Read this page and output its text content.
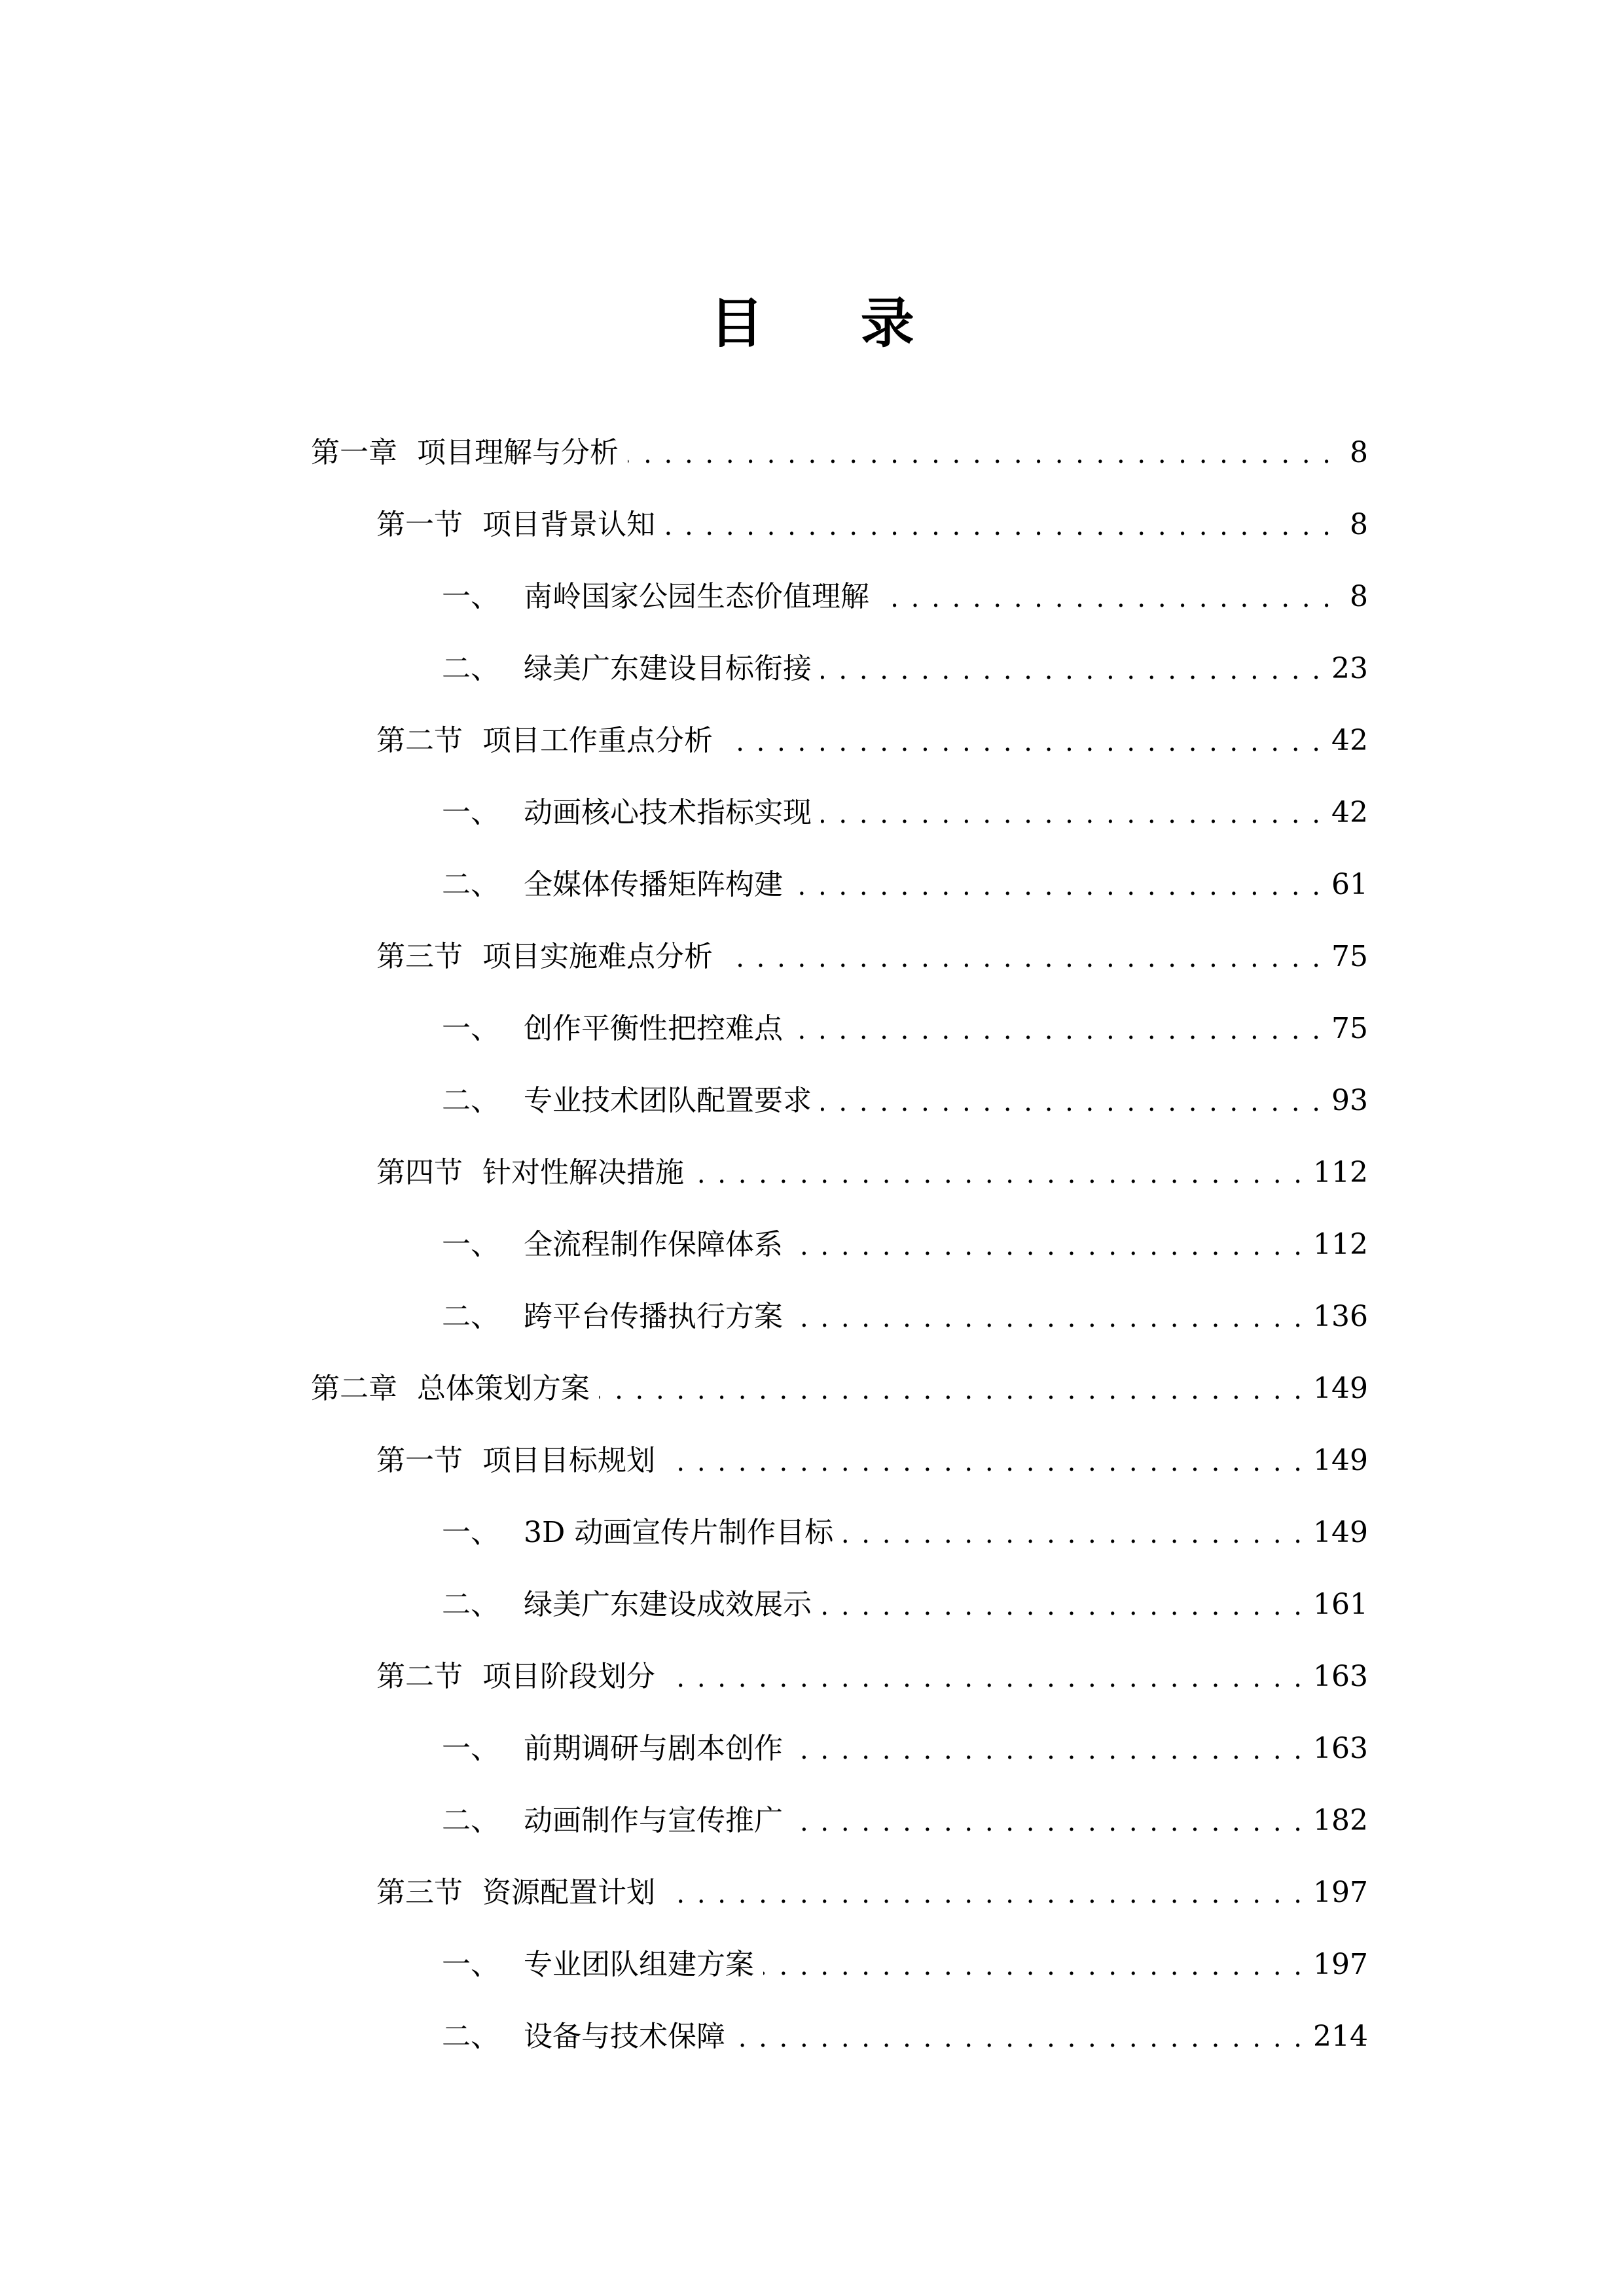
目 录
第一章 项目理解与分析 . . .	8
第一节 项目背景认知 . . .	8
一、 南岭国家公园生态价值理解 . . .	8
二、 绿美广东建设目标衔接 . . .	23
第二节 项目工作重点分析 . . .	42
一、 动画核心技术指标实现 . . .	42
二、 全媒体传播矩阵构建 . . .	61
第三节 项目实施难点分析 . . .	75
一、 创作平衡性把控难点 . . .	75
二、 专业技术团队配置要求 . . .	93
第四节 针对性解决措施 . . .	112
一、 全流程制作保障体系 . . .	112
二、 跨平台传播执行方案 . . .	136
第二章 总体策划方案 . . .	149
第一节 项目目标规划 . . .	149
一、 3D 动画宣传片制作目标 . . .	149
二、 绿美广东建设成效展示 . . .	161
第二节 项目阶段划分 . . .	163
一、 前期调研与剧本创作 . . .	163
二、 动画制作与宣传推广 . . .	182
第三节 资源配置计划 . . .	197
一、 专业团队组建方案 . . .	197
二、 设备与技术保障 . . .	214
